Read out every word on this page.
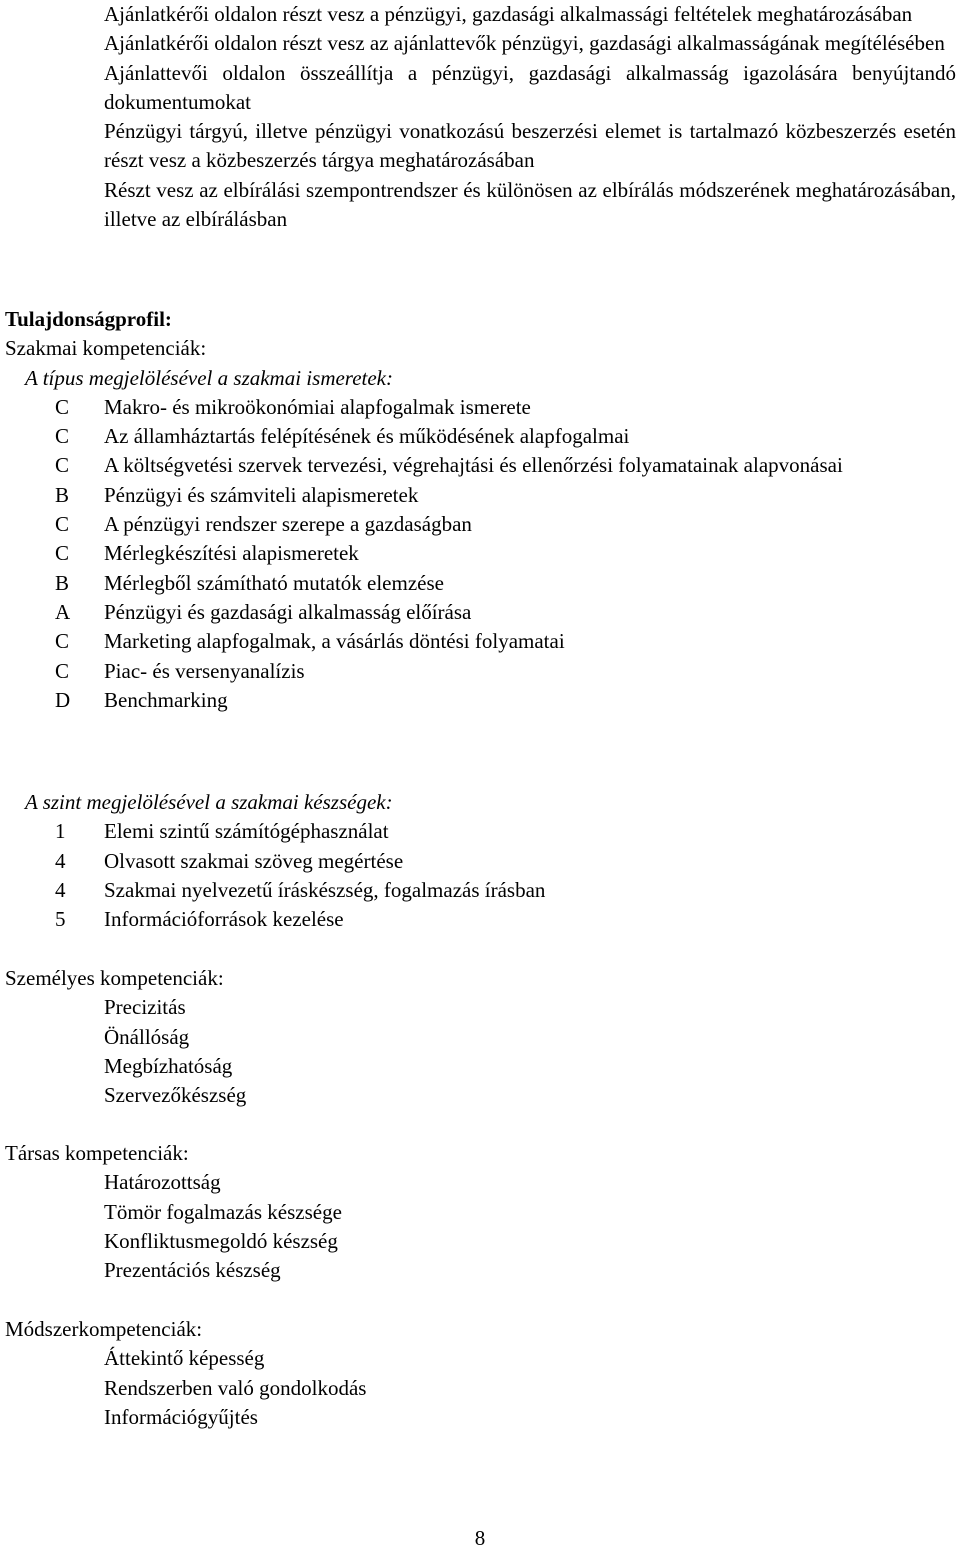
Ajánlatkérői oldalon részt vesz a pénzügyi, gazdasági alkalmassági feltételek meghatározásában

Ajánlatkérői oldalon részt vesz az ajánlattevők pénzügyi, gazdasági alkalmasságának megítélésében

Ajánlattevői oldalon összeállítja a pénzügyi, gazdasági alkalmasság igazolására benyújtandó dokumentumokat

Pénzügyi tárgyú, illetve pénzügyi vonatkozású beszerzési elemet is tartalmazó közbeszerzés esetén részt vesz a közbeszerzés tárgya meghatározásában

Részt vesz az elbírálási szempontrendszer és különösen az elbírálás módszerének meghatározásában, illetve az elbírálásban

Tulajdonságprofil:

Szakmai kompetenciák:

A típus megjelölésével a szakmai ismeretek:

C	Makro- és mikroökonómiai alapfogalmak ismerete
C	Az államháztartás felépítésének és működésének alapfogalmai
C	A költségvetési szervek tervezési, végrehajtási és ellenőrzési folyamatainak alapvonásai
B	Pénzügyi és számviteli alapismeretek
C	A pénzügyi rendszer szerepe a gazdaságban
C	Mérlegkészítési alapismeretek
B	Mérlegből számítható mutatók elemzése
A	Pénzügyi és gazdasági alkalmasság előírása
C	Marketing alapfogalmak, a vásárlás döntési folyamatai
C	Piac- és versenyanalízis
D	Benchmarking

A szint megjelölésével a szakmai készségek:

1	Elemi szintű számítógéphasználat
4	Olvasott szakmai szöveg megértése
4	Szakmai nyelvezetű íráskészség, fogalmazás írásban
5	Információforrások kezelése

Személyes kompetenciák:

Precizitás

Önállóság

Megbízhatóság

Szervezőkészség

Társas kompetenciák:

Határozottság

Tömör fogalmazás készsége

Konfliktusmegoldó készség

Prezentációs készség

Módszerkompetenciák:

Áttekintő képesség

Rendszerben való gondolkodás

Információgyűjtés

8
